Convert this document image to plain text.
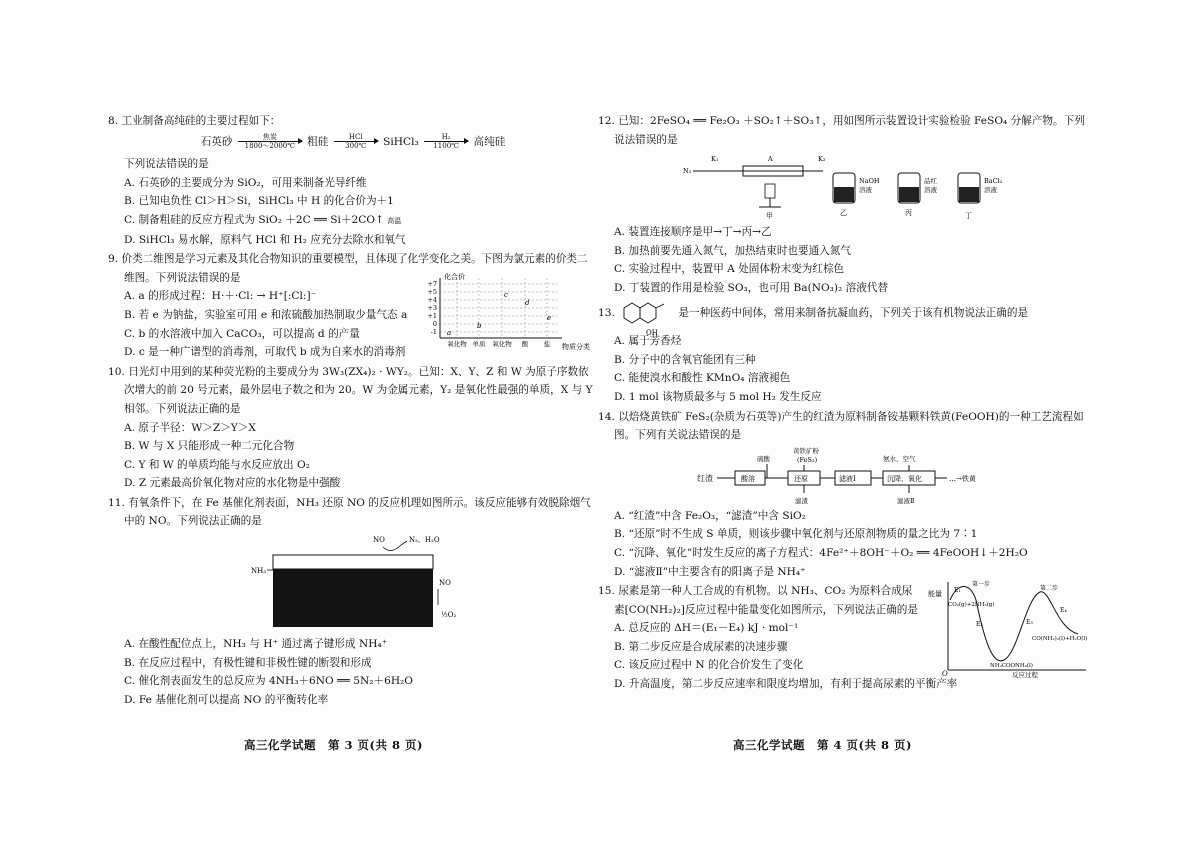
8. 工业制备高纯硅的主要过程如下：
石英砂	焦炭
1800～2000℃	粗硅	HCl
300℃	SiHCl₃ $\frac{\text{H₂}}{1100℃}$ 高纯硅
下列说法错误的是
A. 石英砂的主要成分为 SiO₂，可用来制备光导纤维
B. 已知电负性 Cl＞H＞Si，SiHCl₃ 中 H 的化合价为＋1
C. 制备粗硅的反应方程式为 SiO₂ ＋2C ══ Si＋2CO↑ 高温
D. SiHCl₃ 易水解，原料气 HCl 和 H₂ 应充分去除水和氧气
9. 价类二维图是学习元素及其化合物知识的重要模型，且体现了化学变化之美。下图为氯元素的价类二维图。下列说法错误的是	化合价
物质分类
+7
+5
+4
+3
+1
0
-1
氧化物 单质 氧化物 酸 盐
a
b
c
d
e
A. a 的形成过程：H·＋·Cl: → H⁺[:Cl:]⁻
B. 若 e 为钠盐，实验室可用 e 和浓硫酸加热制取少量气态 a
C. b 的水溶液中加入 CaCO₃，可以提高 d 的产量
D. c 是一种广谱型的消毒剂，可取代 b 成为自来水的消毒剂
10. 日光灯中用到的某种荧光粉的主要成分为 3W₃(ZX₄)₂ · WY₂。已知：X、Y、Z 和 W 为原子序数依次增大的前 20 号元素，最外层电子数之和为 20。W 为金属元素，Y₂ 是氧化性最强的单质，X 与 Y 相邻。下列说法正确的是
A. 原子半径：W＞Z＞Y＞X
B. W 与 X 只能形成一种二元化合物
C. Y 和 W 的单质均能与水反应放出 O₂
D. Z 元素最高价氧化物对应的水化物是中强酸
11. 有氧条件下，在 Fe 基催化剂表面，NH₃ 还原 NO 的反应机理如图所示。该反应能够有效脱除烟气中的 NO。下列说法正确的是
NH₃
NO	N₂、H₂O
NO
½O₂
A. 在酸性配位点上，NH₃ 与 H⁺ 通过离子键形成 NH₄⁺
B. 在反应过程中，有极性键和非极性键的断裂和形成
C. 催化剂表面发生的总反应为 4NH₃＋6NO ══ 5N₂＋6H₂O
D. Fe 基催化剂可以提高 NO 的平衡转化率
12. 已知：2FeSO₄ ══ Fe₂O₃ ＋SO₂↑＋SO₃↑，用如图所示装置设计实验检验 FeSO₄ 分解产物。下列说法错误的是
N₂
K₁	A	K₂
甲
NaOH
溶液
品红
溶液
BaCl₂
溶液
乙	丙	丁
A. 装置连接顺序是甲→丁→丙→乙
B. 加热前要先通入氮气，加热结束时也要通入氮气
C. 实验过程中，装置甲 A 处固体粉末变为红棕色
D. 丁装置的作用是检验 SO₃，也可用 Ba(NO₃)₂ 溶液代替
OH
13.　　　　　　是一种医药中间体，常用来制备抗凝血药，下列关于该有机物说法正确的是
A. 属于芳香烃
B. 分子中的含氧官能团有三种
C. 能使溴水和酸性 KMnO₄ 溶液褪色
D. 1 mol 该物质最多与 5 mol H₂ 发生反应
14. 以焙烧黄铁矿 FeS₂(杂质为石英等)产生的红渣为原料制备铵基颗料铁黄(FeOOH)的一种工艺流程如图。下列有关说法错误的是
硫酸
黄铁矿粉
(FeS₂)	氨水、空气
红渣	酸溶	还原	滤液Ⅰ	沉降、氧化	…→铁黄
滤渣	滤液Ⅱ
A. “红渣”中含 Fe₂O₃，“滤渣”中含 SiO₂
B. “还原”时不生成 S 单质，则该步骤中氧化剂与还原剂物质的量之比为 7∶1
C. “沉降、氧化”时发生反应的离子方程式：4Fe²⁺＋8OH⁻＋O₂ ══ 4FeOOH↓＋2H₂O
D. “滤液Ⅱ”中主要含有的阳离子是 NH₄⁺
能量
O	反应过程
第一步
第二步
E₁
E₂	E₃
E₄
CO₂(g)+2NH₃(g)
NH₂COONH₄(l)
CO(NH₂)₂(l)+H₂O(l)
15. 尿素是第一种人工合成的有机物。以 NH₃、CO₂ 为原料合成尿素[CO(NH₂)₂]反应过程中能量变化如图所示，下列说法正确的是
A. 总反应的 ΔH＝(E₁－E₄) kJ · mol⁻¹
B. 第二步反应是合成尿素的决速步骤
C. 该反应过程中 N 的化合价发生了变化
D. 升高温度，第二步反应速率和限度均增加，有利于提高尿素的平衡产率
高三化学试题　第 3 页(共 8 页)	高三化学试题　第 4 页(共 8 页)
